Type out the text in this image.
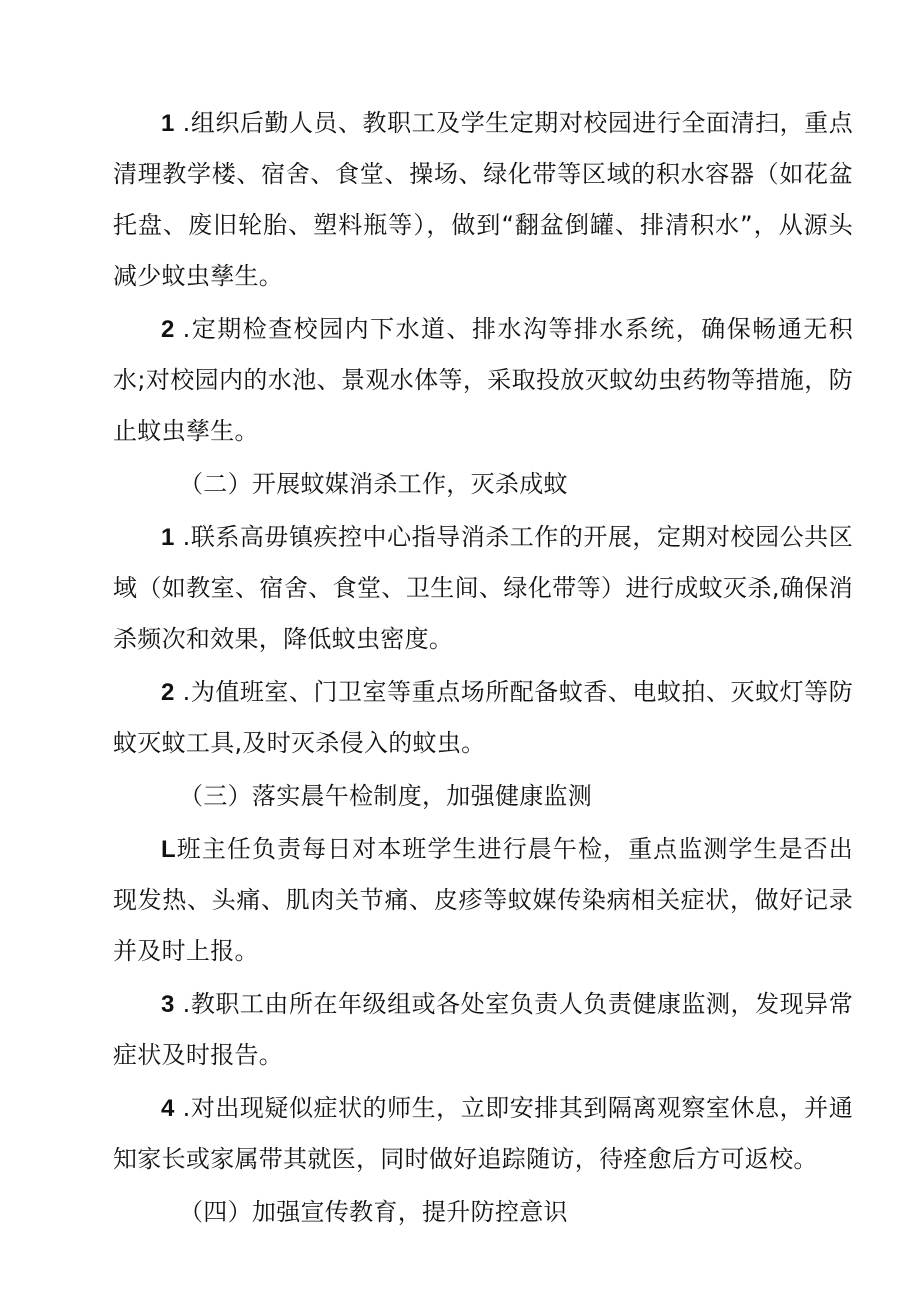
1 .组织后勤人员、教职工及学生定期对校园进行全面清扫，重点清理教学楼、宿舍、食堂、操场、绿化带等区域的积水容器（如花盆托盘、废旧轮胎、塑料瓶等），做到“翻盆倒罐、排清积水”，从源头减少蚊虫孳生。

2 .定期检查校园内下水道、排水沟等排水系统，确保畅通无积水;对校园内的水池、景观水体等，采取投放灭蚊幼虫药物等措施，防止蚊虫孳生。

（二）开展蚊媒消杀工作，灭杀成蚊

1 .联系高毋镇疾控中心指导消杀工作的开展，定期对校园公共区域（如教室、宿舍、食堂、卫生间、绿化带等）进行成蚊灭杀,确保消杀频次和效果，降低蚊虫密度。

2 .为值班室、门卫室等重点场所配备蚊香、电蚊拍、灭蚊灯等防蚊灭蚊工具,及时灭杀侵入的蚊虫。

（三）落实晨午检制度，加强健康监测

L班主任负责每日对本班学生进行晨午检，重点监测学生是否出现发热、头痛、肌肉关节痛、皮疹等蚊媒传染病相关症状，做好记录并及时上报。

3 .教职工由所在年级组或各处室负责人负责健康监测，发现异常症状及时报告。

4 .对出现疑似症状的师生，立即安排其到隔离观察室休息，并通知家长或家属带其就医，同时做好追踪随访，待痊愈后方可返校。

（四）加强宣传教育，提升防控意识
